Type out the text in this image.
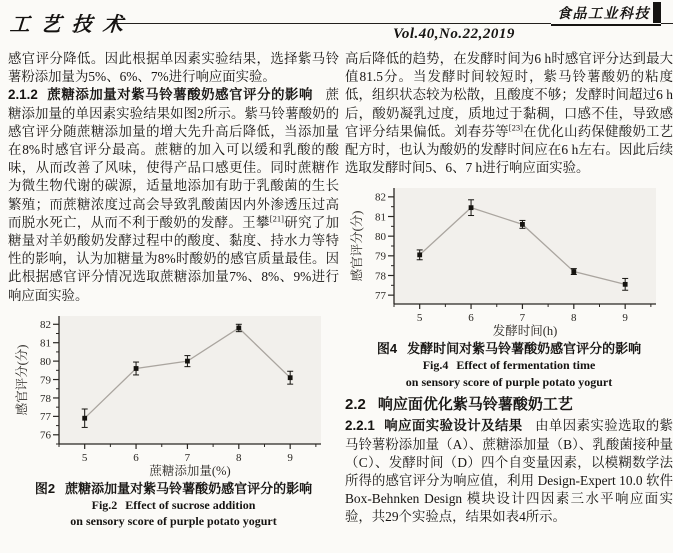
工艺技术
食品工业科技
Vol.40,No.22,2019

感官评分降低。因此根据单因素实验结果，选择紫马铃薯粉添加量为5%、6%、7%进行响应面实验。

2.1.2 蔗糖添加量对紫马铃薯酸奶感官评分的影响 蔗糖添加量的单因素实验结果如图2所示。紫马铃薯酸奶的感官评分随蔗糖添加量的增大先升高后降低，当添加量在8%时感官评分最高。蔗糖的加入可以缓和乳酸的酸味，从而改善了风味，使得产品口感更佳。同时蔗糖作为微生物代谢的碳源，适量地添加有助于乳酸菌的生长繁殖；而蔗糖浓度过高会导致乳酸菌因内外渗透压过高而脱水死亡，从而不利于酸奶的发酵。王攀[21]研究了加糖量对羊奶酸奶发酵过程中的酸度、黏度、持水力等特性的影响，认为加糖量为8%时酸奶的感官质量最佳。因此根据感官评分情况选取蔗糖添加量7%、8%、9%进行响应面实验。

76
77
78
79
80
81
82
5	6	7	8	9
蔗糖添加量(%)
感官评分(分)
图2 蔗糖添加量对紫马铃薯酸奶感官评分的影响
Fig.2 Effect of sucrose addition
on sensory score of purple potato yogurt

高后降低的趋势，在发酵时间为6 h时感官评分达到最大值81.5分。当发酵时间较短时，紫马铃薯酸奶的粘度低，组织状态较为松散，且酸度不够；发酵时间超过6 h后，酸奶凝乳过度，质地过于黏稠，口感不佳，导致感官评分结果偏低。刘春芬等[23]在优化山药保健酸奶工艺配方时，也认为酸奶的发酵时间应在6 h左右。因此后续选取发酵时间5、6、7 h进行响应面实验。

77
78
79
80
81
82
5	6	7	8	9
发酵时间(h)
感官评分(分)
图4 发酵时间对紫马铃薯酸奶感官评分的影响
Fig.4 Effect of fermentation time
on sensory score of purple potato yogurt
2.2 响应面优化紫马铃薯酸奶工艺

2.2.1 响应面实验设计及结果 由单因素实验选取的紫马铃薯粉添加量（A）、蔗糖添加量（B）、乳酸菌接种量（C）、发酵时间（D）四个自变量因素，以模糊数学法所得的感官评分为响应值，利用 Design-Expert 10.0 软件 Box-Behnken Design 模块设计四因素三水平响应面实验，共29个实验点，结果如表4所示。
